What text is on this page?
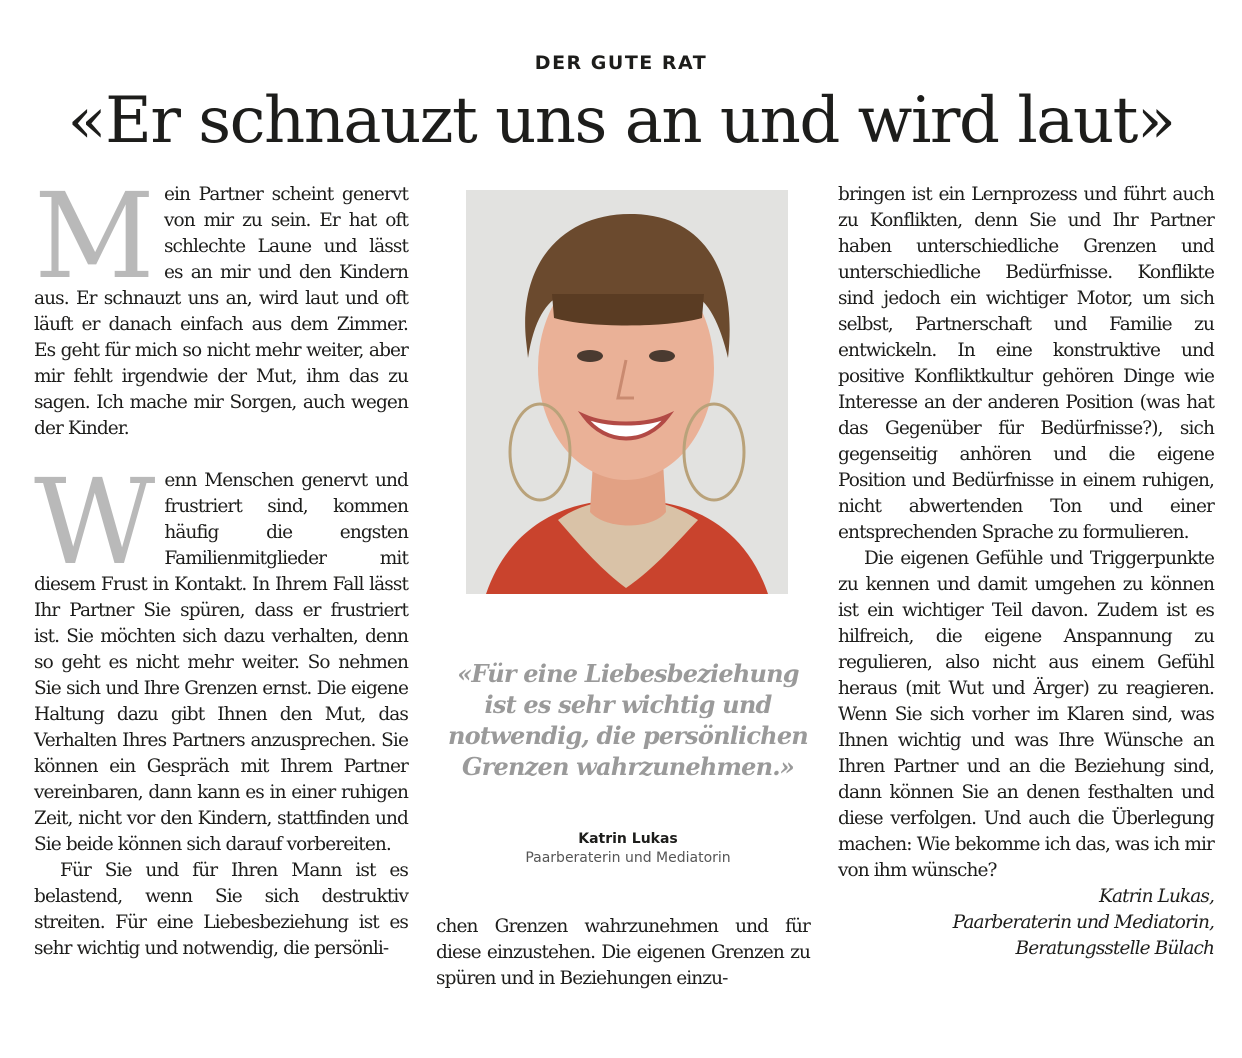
DER GUTE RAT
«Er schnauzt uns an und wird laut»

Mein Partner scheint genervt von mir zu sein. Er hat oft schlechte Laune und lässt es an mir und den Kindern aus. Er schnauzt uns an, wird laut und oft läuft er danach einfach aus dem Zimmer. Es geht für mich so nicht mehr weiter, aber mir fehlt irgendwie der Mut, ihm das zu sagen. Ich mache mir Sorgen, auch wegen der Kinder.

Wenn Menschen genervt und frustriert sind, kommen häufig die engsten Familienmitglieder mit diesem Frust in Kontakt. In Ihrem Fall lässt Ihr Partner Sie spüren, dass er frustriert ist. Sie möchten sich dazu verhalten, denn so geht es nicht mehr weiter. So nehmen Sie sich und Ihre Grenzen ernst. Die eigene Haltung dazu gibt Ihnen den Mut, das Verhalten Ihres Partners anzusprechen. Sie können ein Gespräch mit Ihrem Partner vereinbaren, dann kann es in einer ruhigen Zeit, nicht vor den Kindern, stattfinden und Sie beide können sich darauf vorbereiten.

Für Sie und für Ihren Mann ist es belastend, wenn Sie sich destruktiv streiten. Für eine Liebesbeziehung ist es sehr wichtig und notwendig, die persönli-

«Für eine Liebesbeziehung ist es sehr wichtig und notwendig, die persönlichen Grenzen wahrzunehmen.»
Katrin Lukas
Paarberaterin und Mediatorin

chen Grenzen wahrzunehmen und für diese einzustehen. Die eigenen Grenzen zu spüren und in Beziehungen einzu-

bringen ist ein Lernprozess und führt auch zu Konflikten, denn Sie und Ihr Partner haben unterschiedliche Grenzen und unterschiedliche Bedürfnisse. Konflikte sind jedoch ein wichtiger Motor, um sich selbst, Partnerschaft und Familie zu entwickeln. In eine konstruktive und positive Konfliktkultur gehören Dinge wie Interesse an der anderen Position (was hat das Gegenüber für Bedürfnisse?), sich gegenseitig anhören und die eigene Position und Bedürfnisse in einem ruhigen, nicht abwertenden Ton und einer entsprechenden Sprache zu formulieren.

Die eigenen Gefühle und Triggerpunkte zu kennen und damit umgehen zu können ist ein wichtiger Teil davon. Zudem ist es hilfreich, die eigene Anspannung zu regulieren, also nicht aus einem Gefühl heraus (mit Wut und Ärger) zu reagieren. Wenn Sie sich vorher im Klaren sind, was Ihnen wichtig und was Ihre Wünsche an Ihren Partner und an die Beziehung sind, dann können Sie an denen festhalten und diese verfolgen. Und auch die Überlegung machen: Wie bekomme ich das, was ich mir von ihm wünsche?

Katrin Lukas,

Paarberaterin und Mediatorin,

Beratungsstelle Bülach
